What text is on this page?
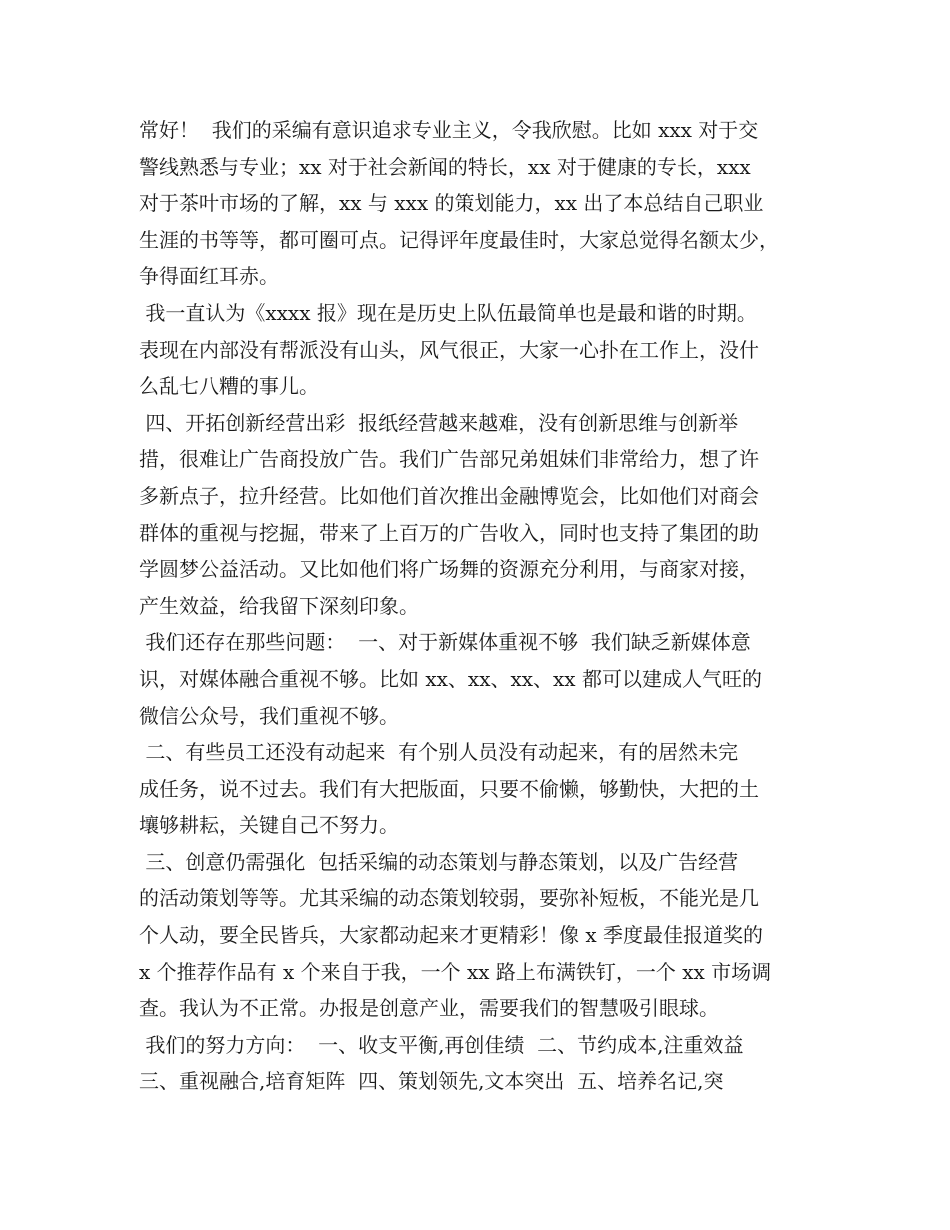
常好！  我们的采编有意识追求专业主义，令我欣慰。比如 xxx 对于交
警线熟悉与专业；xx 对于社会新闻的特长，xx 对于健康的专长，xxx
对于茶叶市场的了解，xx 与 xxx 的策划能力，xx 出了本总结自己职业
生涯的书等等，都可圈可点。记得评年度最佳时，大家总觉得名额太少，
争得面红耳赤。
我一直认为《xxxx 报》现在是历史上队伍最简单也是最和谐的时期。
表现在内部没有帮派没有山头，风气很正，大家一心扑在工作上，没什
么乱七八糟的事儿。
四、开拓创新经营出彩  报纸经营越来越难，没有创新思维与创新举
措，很难让广告商投放广告。我们广告部兄弟姐妹们非常给力，想了许
多新点子，拉升经营。比如他们首次推出金融博览会，比如他们对商会
群体的重视与挖掘，带来了上百万的广告收入，同时也支持了集团的助
学圆梦公益活动。又比如他们将广场舞的资源充分利用，与商家对接，
产生效益，给我留下深刻印象。
我们还存在那些问题：  一、对于新媒体重视不够  我们缺乏新媒体意
识，对媒体融合重视不够。比如 xx、xx、xx、xx 都可以建成人气旺的
微信公众号，我们重视不够。
二、有些员工还没有动起来  有个别人员没有动起来，有的居然未完
成任务，说不过去。我们有大把版面，只要不偷懒，够勤快，大把的土
壤够耕耘，关键自己不努力。
三、创意仍需强化  包括采编的动态策划与静态策划，以及广告经营
的活动策划等等。尤其采编的动态策划较弱，要弥补短板，不能光是几
个人动，要全民皆兵，大家都动起来才更精彩！像 x 季度最佳报道奖的
x 个推荐作品有 x 个来自于我，一个 xx 路上布满铁钉，一个 xx 市场调
查。我认为不正常。办报是创意产业，需要我们的智慧吸引眼球。
我们的努力方向：  一、收支平衡,再创佳绩  二、节约成本,注重效益
三、重视融合,培育矩阵  四、策划领先,文本突出  五、培养名记,突
